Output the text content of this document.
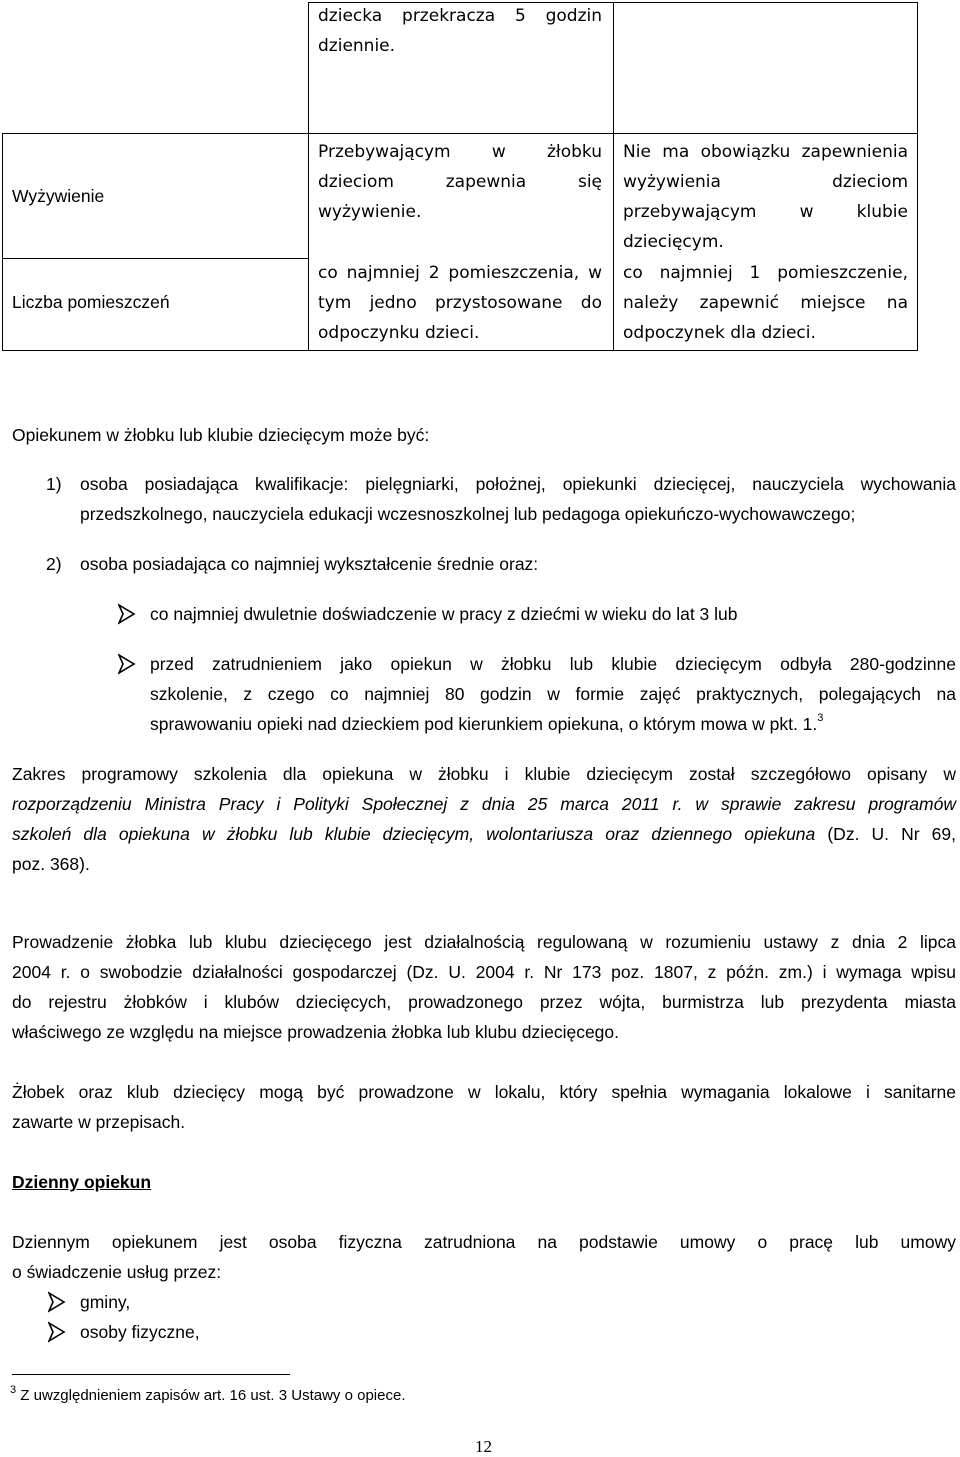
dziecka przekracza 5 godzin dziennie.
Wyżywienie
Przebywającym w żłobku dzieciom zapewnia się wyżywienie.
Nie ma obowiązku zapewnienia wyżywienia dzieciom przebywającym w klubie dziecięcym.
Liczba pomieszczeń
co najmniej 2 pomieszczenia, w tym jedno przystosowane do odpoczynku dzieci.
co najmniej 1 pomieszczenie, należy zapewnić miejsce na odpoczynek dla dzieci.
Opiekunem w żłobku lub klubie dziecięcym może być:
1) osoba posiadająca kwalifikacje: pielęgniarki, położnej, opiekunki dziecięcej, nauczyciela wychowania
przedszkolnego, nauczyciela edukacji wczesnoszkolnej lub pedagoga opiekuńczo-wychowawczego;
2) osoba posiadająca co najmniej wykształcenie średnie oraz:
co najmniej dwuletnie doświadczenie w pracy z dziećmi w wieku do lat 3 lub
przed zatrudnieniem jako opiekun w żłobku lub klubie dziecięcym odbyła 280-godzinne
szkolenie, z czego co najmniej 80 godzin w formie zajęć praktycznych, polegających na
sprawowaniu opieki nad dzieckiem pod kierunkiem opiekuna, o którym mowa w pkt. 1.$^3$
Zakres programowy szkolenia dla opiekuna w żłobku i klubie dziecięcym został szczegółowo opisany w
rozporządzeniu Ministra Pracy i Polityki Społecznej z dnia 25 marca 2011 r. w sprawie zakresu programów
szkoleń dla opiekuna w żłobku lub klubie dziecięcym, wolontariusza oraz dziennego opiekuna (Dz. U. Nr 69,
poz. 368).
Prowadzenie żłobka lub klubu dziecięcego jest działalnością regulowaną w rozumieniu ustawy z dnia 2 lipca
2004 r. o swobodzie działalności gospodarczej (Dz. U. 2004 r. Nr 173 poz. 1807, z późn. zm.) i wymaga wpisu
do rejestru żłobków i klubów dziecięcych, prowadzonego przez wójta, burmistrza lub prezydenta miasta
właściwego ze względu na miejsce prowadzenia żłobka lub klubu dziecięcego.
Żłobek oraz klub dziecięcy mogą być prowadzone w lokalu, który spełnia wymagania lokalowe i sanitarne
zawarte w przepisach.
Dzienny opiekun
Dziennym opiekunem jest osoba fizyczna zatrudniona na podstawie umowy o pracę lub umowy
o świadczenie usług przez:
gminy,
osoby fizyczne,
$^3$ Z uwzględnieniem zapisów art. 16 ust. 3 Ustawy o opiece.
12
